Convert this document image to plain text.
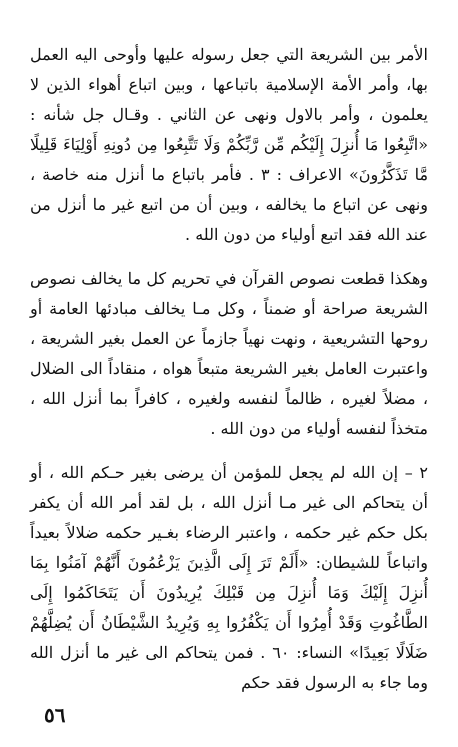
الأمر بين الشريعة التي جعل رسوله عليها وأوحى اليه العمل بها، وأمر الأمة الإسلامية باتباعها ، وبين اتباع أهواء الذين لا يعلمون ، وأمر بالاول ونهى عن الثاني . وقـال جل شأنه : «اتَّبِعُوا مَا أُنزِلَ إِلَيْكُم مِّن رَّبِّكُمْ وَلَا تَتَّبِعُوا مِن دُونِهِ أَوْلِيَاءَ قَلِيلًا مَّا تَذَكَّرُونَ» الاعراف : ٣ . فأمر باتباع ما أنزل منه خاصة ، ونهى عن اتباع ما يخالفه ، وبين أن من اتبع غير ما أنزل من عند الله فقد اتبع أولياء من دون الله .

وهكذا قطعت نصوص القرآن في تحريم كل ما يخالف نصوص الشريعة صراحة أو ضمناً ، وكل مـا يخالف مبادئها العامة أو روحها التشريعية ، ونهت نهياً جازماً عن العمل بغير الشريعة ، واعتبرت العامل بغير الشريعة متبعاً هواه ، منقاداً الى الضلال ، مضلاً لغيره ، ظالماً لنفسه ولغيره ، كافراً بما أنزل الله ، متخذاً لنفسه أولياء من دون الله .

٢ – إن الله لم يجعل للمؤمن أن يرضى بغير حـكم الله ، أو أن يتحاكم الى غير مـا أنزل الله ، بل لقد أمر الله أن يكفر بكل حكم غير حكمه ، واعتبر الرضاء بغـير حكمه ضلالاً بعيداً واتباعاً للشيطان: «أَلَمْ تَرَ إِلَى الَّذِينَ يَزْعُمُونَ أَنَّهُمْ آمَنُوا بِمَا أُنزِلَ إِلَيْكَ وَمَا أُنزِلَ مِن قَبْلِكَ يُرِيدُونَ أَن يَتَحَاكَمُوا إِلَى الطَّاغُوتِ وَقَدْ أُمِرُوا أَن يَكْفُرُوا بِهِ وَيُرِيدُ الشَّيْطَانُ أَن يُضِلَّهُمْ ضَلَالًا بَعِيدًا» النساء: ٦٠ . فمن يتحاكم الى غير ما أنزل الله وما جاء به الرسول فقد حكم

٥٦
